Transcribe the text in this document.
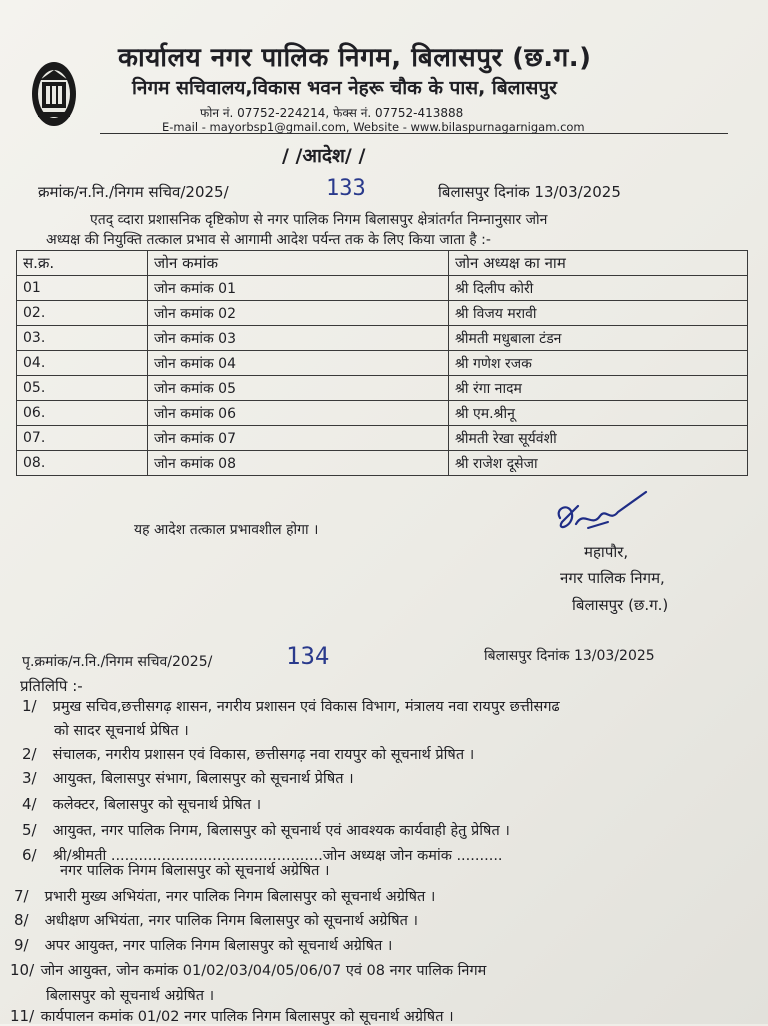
कार्यालय नगर पालिक निगम, बिलासपुर (छ.ग.)
निगम सचिवालय,विकास भवन नेहरू चौक के पास, बिलासपुर
फोन नं. 07752-224214, फेक्स नं. 07752-413888
E-mail - mayorbsp1@gmail.com, Website - www.bilaspurnagarnigam.com
/ /आदेश/ /
क्रमांक/न.नि./निगम सचिव/2025/	133	बिलासपुर दिनांक 13/03/2025
एतद् व्दारा प्रशासनिक दृष्टिकोण से नगर पालिक निगम बिलासपुर क्षेत्रांतर्गत निम्नानुसार जोन
अध्यक्ष की नियुक्ति तत्काल प्रभाव से आगामी आदेश पर्यन्त तक के लिए किया जाता है :-
स.क्र.	जोन कमांक	जोन अध्यक्ष का नाम
01	जोन कमांक 01	श्री दिलीप कोरी
02.	जोन कमांक 02	श्री विजय मरावी
03.	जोन कमांक 03	श्रीमती मधुबाला टंडन
04.	जोन कमांक 04	श्री गणेश रजक
05.	जोन कमांक 05	श्री रंगा नादम
06.	जोन कमांक 06	श्री एम.श्रीनू
07.	जोन कमांक 07	श्रीमती रेखा सूर्यवंशी
08.	जोन कमांक 08	श्री राजेश दूसेजा
यह आदेश तत्काल प्रभावशील होगा ।
महापौर,
नगर पालिक निगम,
बिलासपुर (छ.ग.)
पृ.क्रमांक/न.नि./निगम सचिव/2025/	134	बिलासपुर दिनांक 13/03/2025
प्रतिलिपि :-
1/ प्रमुख सचिव,छत्तीसगढ़ शासन, नगरीय प्रशासन एवं विकास विभाग, मंत्रालय नवा रायपुर छत्तीसगढ
को सादर सूचनार्थ प्रेषित ।
2/ संचालक, नगरीय प्रशासन एवं विकास, छत्तीसगढ़ नवा रायपुर को सूचनार्थ प्रेषित ।
3/ आयुक्त, बिलासपुर संभाग, बिलासपुर को सूचनार्थ प्रेषित ।
4/ कलेक्टर, बिलासपुर को सूचनार्थ प्रेषित ।
5/ आयुक्त, नगर पालिक निगम, बिलासपुर को सूचनार्थ एवं आवश्यक कार्यवाही हेतु प्रेषित ।
6/ श्री/श्रीमती ..............................................जोन अध्यक्ष जोन कमांक ..........
नगर पालिक निगम बिलासपुर को सूचनार्थ अग्रेषित ।
7/ प्रभारी मुख्य अभियंता, नगर पालिक निगम बिलासपुर को सूचनार्थ अग्रेषित ।
8/ अधीक्षण अभियंता, नगर पालिक निगम बिलासपुर को सूचनार्थ अग्रेषित ।
9/ अपर आयुक्त, नगर पालिक निगम बिलासपुर को सूचनार्थ अग्रेषित ।
10/ जोन आयुक्त, जोन कमांक 01/02/03/04/05/06/07 एवं 08 नगर पालिक निगम
बिलासपुर को सूचनार्थ अग्रेषित ।
11/ कार्यपालन कमांक 01/02 नगर पालिक निगम बिलासपुर को सूचनार्थ अग्रेषित ।
